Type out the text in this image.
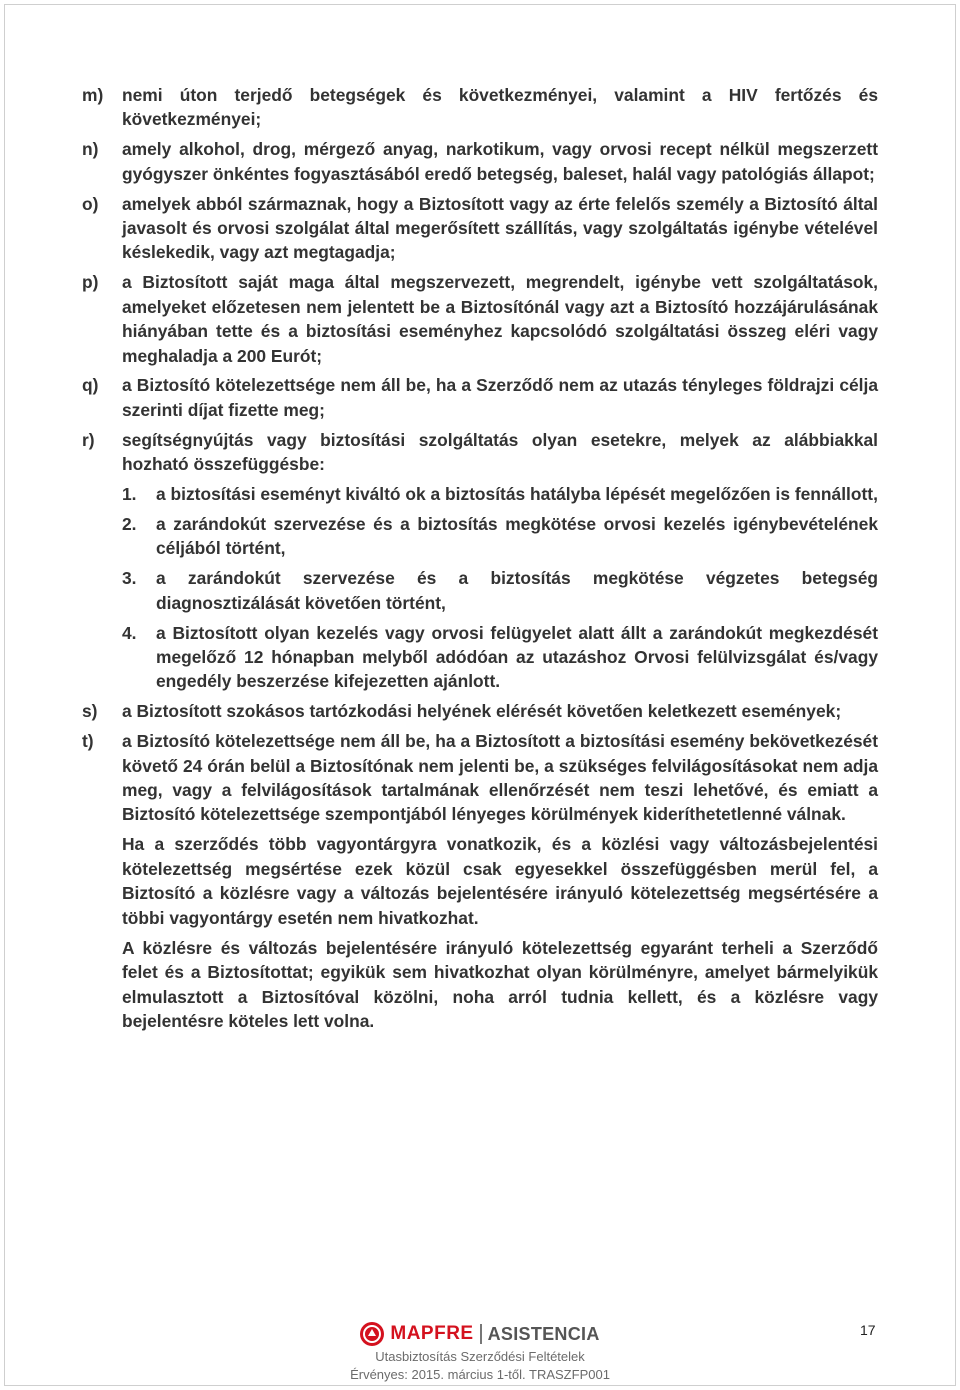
m)	nemi úton terjedő betegségek és következményei, valamint a HIV fertőzés és következményei;
n)	amely alkohol, drog, mérgező anyag, narkotikum, vagy orvosi recept nélkül megszerzett gyógyszer önkéntes fogyasztásából eredő betegség, baleset, halál vagy patológiás állapot;
o)	amelyek abból származnak, hogy a Biztosított vagy az érte felelős személy a Biztosító által javasolt és orvosi szolgálat által megerősített szállítás, vagy szolgáltatás igénybe vételével késlekedik, vagy azt megtagadja;
p)	a Biztosított saját maga által megszervezett, megrendelt, igénybe vett szolgáltatások, amelyeket előzetesen nem jelentett be a Biztosítónál vagy azt a Biztosító hozzájárulásának hiányában tette és a biztosítási eseményhez kapcsolódó szolgáltatási összeg eléri vagy meghaladja a 200 Eurót;
q)	a Biztosító kötelezettsége nem áll be, ha a Szerződő nem az utazás tényleges földrajzi célja szerinti díjat fizette meg;
r)	segítségnyújtás vagy biztosítási szolgáltatás olyan esetekre, melyek az alábbiakkal hozható összefüggésbe:
1.	a biztosítási eseményt kiváltó ok a biztosítás hatályba lépését megelőzően is fennállott,
2.	a zarándokút szervezése és a biztosítás megkötése orvosi kezelés igénybevételének céljából történt,
3.	a zarándokút szervezése és a biztosítás megkötése végzetes betegség diagnosztizálását követően történt,
4.	a Biztosított olyan kezelés vagy orvosi felügyelet alatt állt a zarándokút megkezdését megelőző 12 hónapban melyből adódóan az utazáshoz Orvosi felülvizsgálat és/vagy engedély beszerzése kifejezetten ajánlott.
s)	a Biztosított szokásos tartózkodási helyének elérését követően keletkezett események;
t)	a Biztosító kötelezettsége nem áll be, ha a Biztosított a biztosítási esemény bekövetkezését követő 24 órán belül a Biztosítónak nem jelenti be, a szükséges felvilágosításokat nem adja meg, vagy a felvilágosítások tartalmának ellenőrzését nem teszi lehetővé, és emiatt a Biztosító kötelezettsége szempontjából lényeges körülmények kideríthetetlenné válnak.
Ha a szerződés több vagyontárgyra vonatkozik, és a közlési vagy változásbejelentési kötelezettség megsértése ezek közül csak egyesekkel összefüggésben merül fel, a Biztosító a közlésre vagy a változás bejelentésére irányuló kötelezettség megsértésére a többi vagyontárgy esetén nem hivatkozhat.
A közlésre és változás bejelentésére irányuló kötelezettség egyaránt terheli a Szerződő felet és a Biztosítottat; egyikük sem hivatkozhat olyan körülményre, amelyet bármelyikük elmulasztott a Biztosítóval közölni, noha arról tudnia kellett, és a közlésre vagy bejelentésre köteles lett volna.
MAPFRE ASISTENCIA
Utasbiztosítás Szerződési Feltételek
Érvényes: 2015. március 1-től. TRASZFP001
17
